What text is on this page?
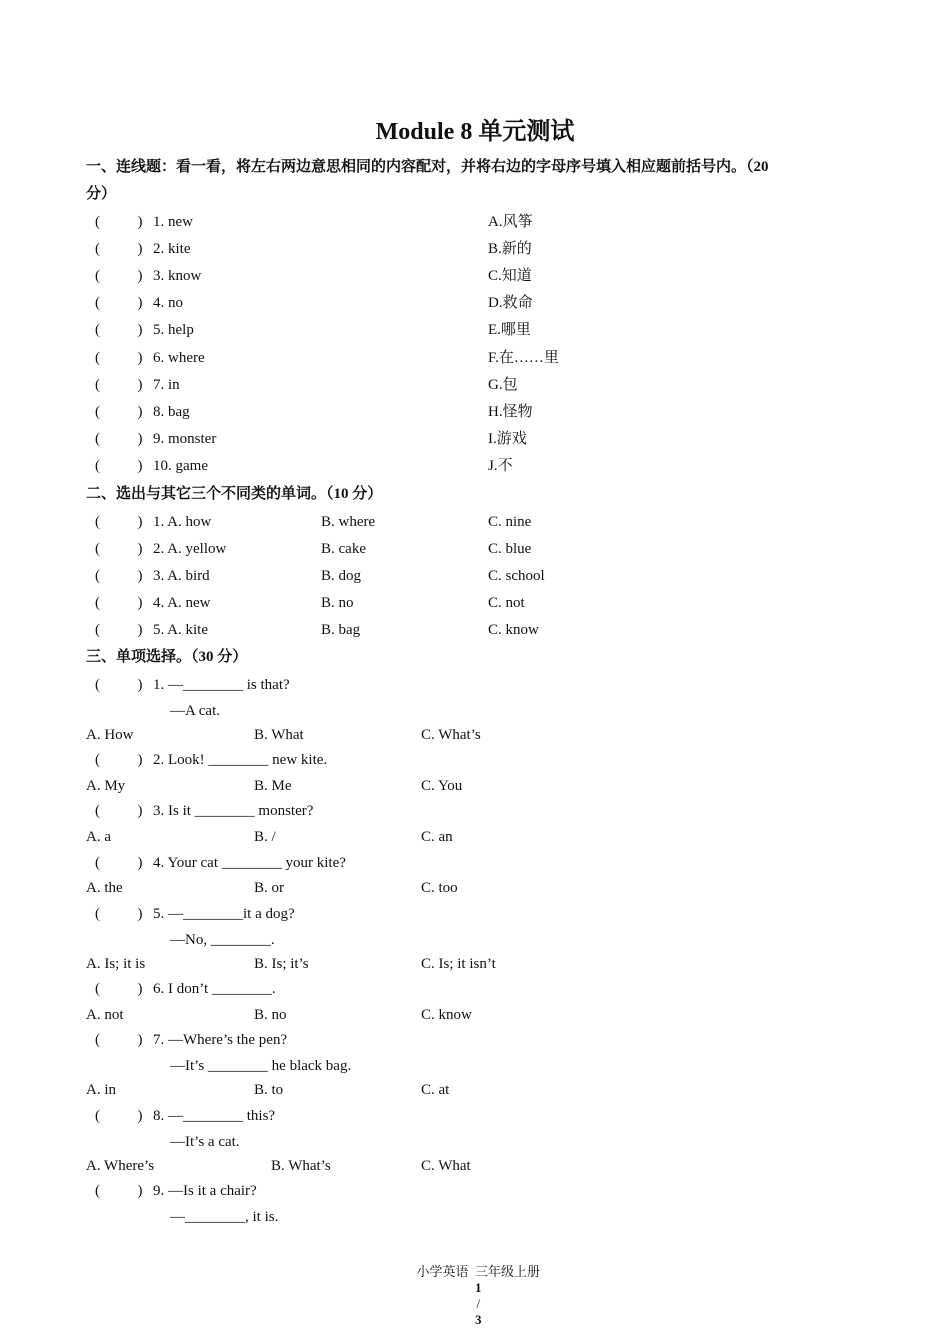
Module 8 单元测试
一、连线题：看一看，将左右两边意思相同的内容配对，并将右边的字母序号填入相应题前括号内。（20
分）
(          ) 1. new	A.风筝
(          ) 2. kite	B.新的
(          ) 3. know	C.知道
(          ) 4. no	D.救命
(          ) 5. help	E.哪里
(          ) 6. where	F.在……里
(          ) 7. in	G.包
(          ) 8. bag	H.怪物
(          ) 9. monster	I.游戏
(          ) 10. game	J.不
二、选出与其它三个不同类的单词。（10 分）
(          ) 1. A. how	B. where	C. nine
(          ) 2. A. yellow	B. cake	C. blue
(          ) 3. A. bird	B. dog	C. school
(          ) 4. A. new	B. no	C. not
(          ) 5. A. kite	B. bag	C. know
三、单项选择。（30 分）
(          ) 1. —________ is that?
—A cat.
A. How	B. What	C. What’s
(          ) 2. Look! ________ new kite.
A. My	B. Me	C. You
(          ) 3. Is it ________ monster?
A. a	B. /	C. an
(          ) 4. Your cat ________ your kite?
A. the	B. or	C. too
(          ) 5. —________it a dog?
—No, ________.
A. Is; it is	B. Is; it’s	C. Is; it isn’t
(          ) 6. I don’t ________.
A. not	B. no	C. know
(          ) 7. —Where’s the pen?
—It’s ________ he black bag.
A. in	B. to	C. at
(          ) 8. —________ this?
—It’s a cat.
A. Where’s	B. What’s	C. What
(          ) 9. —Is it a chair?
—________, it is.

小学英语  三年级上册
1
/
3
